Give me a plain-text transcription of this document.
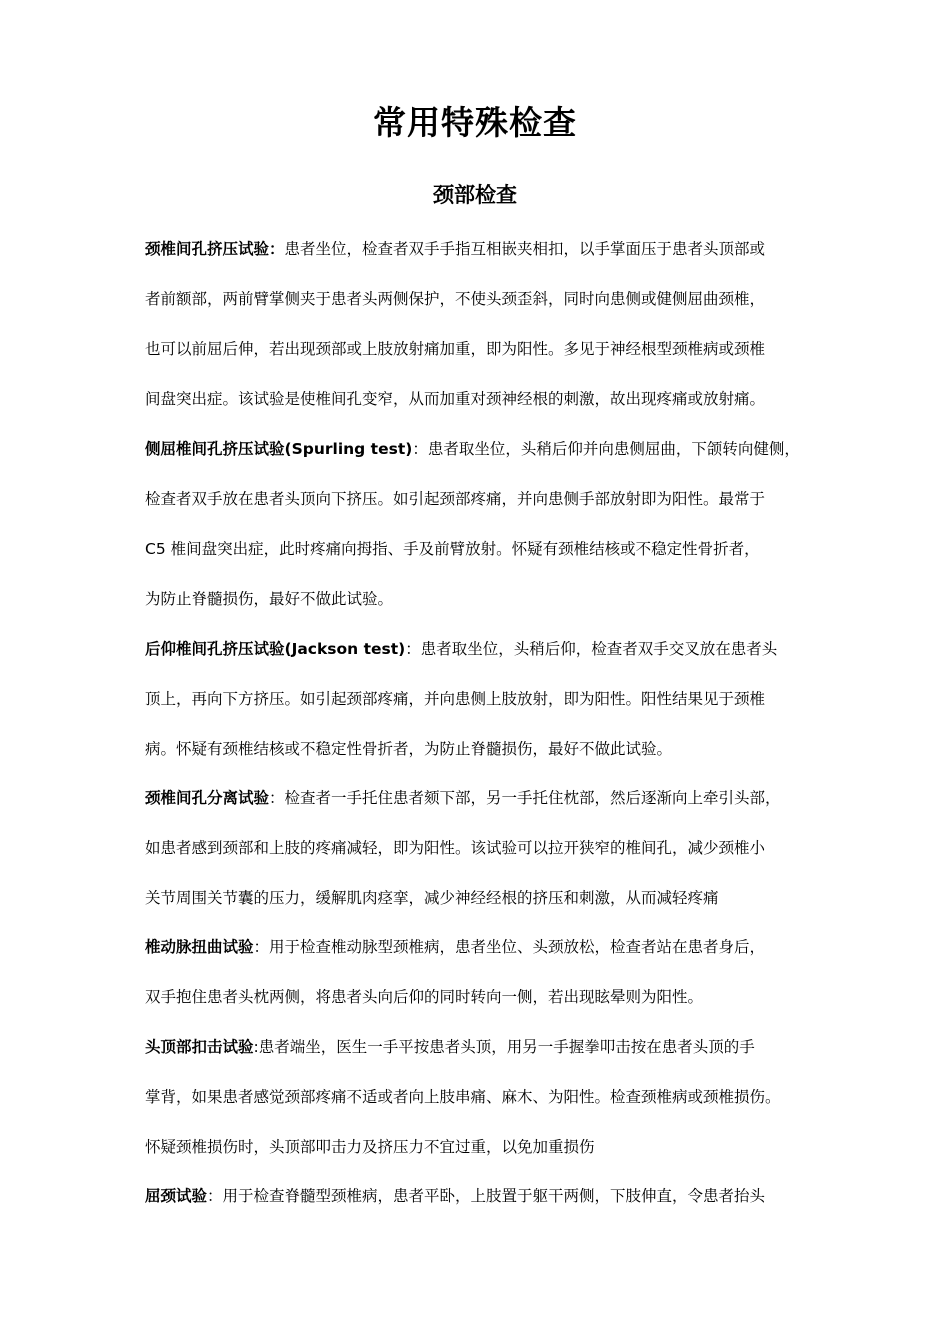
常用特殊检查
颈部检查
颈椎间孔挤压试验：患者坐位，检查者双手手指互相嵌夹相扣，以手掌面压于患者头顶部或
者前额部，两前臂掌侧夹于患者头两侧保护，不使头颈歪斜，同时向患侧或健侧屈曲颈椎，
也可以前屈后伸，若出现颈部或上肢放射痛加重，即为阳性。多见于神经根型颈椎病或颈椎
间盘突出症。该试验是使椎间孔变窄，从而加重对颈神经根的刺激，故出现疼痛或放射痛。
侧屈椎间孔挤压试验(Spurling test)：患者取坐位，头稍后仰并向患侧屈曲，下颌转向健侧，
检查者双手放在患者头顶向下挤压。如引起颈部疼痛，并向患侧手部放射即为阳性。最常于
C5 椎间盘突出症，此时疼痛向拇指、手及前臂放射。怀疑有颈椎结核或不稳定性骨折者，
为防止脊髓损伤，最好不做此试验。
后仰椎间孔挤压试验(Jackson test)：患者取坐位，头稍后仰，检查者双手交叉放在患者头
顶上，再向下方挤压。如引起颈部疼痛，并向患侧上肢放射，即为阳性。阳性结果见于颈椎
病。怀疑有颈椎结核或不稳定性骨折者，为防止脊髓损伤，最好不做此试验。
颈椎间孔分离试验：检查者一手托住患者颏下部，另一手托住枕部，然后逐渐向上牵引头部，
如患者感到颈部和上肢的疼痛减轻，即为阳性。该试验可以拉开狭窄的椎间孔，减少颈椎小
关节周围关节囊的压力，缓解肌肉痉挛，减少神经经根的挤压和刺激，从而减轻疼痛
椎动脉扭曲试验：用于检查椎动脉型颈椎病，患者坐位、头颈放松，检查者站在患者身后，
双手抱住患者头枕两侧，将患者头向后仰的同时转向一侧，若出现眩晕则为阳性。
头顶部扣击试验:患者端坐，医生一手平按患者头顶，用另一手握拳叩击按在患者头顶的手
掌背，如果患者感觉颈部疼痛不适或者向上肢串痛、麻木、为阳性。检查颈椎病或颈椎损伤。
怀疑颈椎损伤时，头顶部叩击力及挤压力不宜过重，以免加重损伤
屈颈试验：用于检查脊髓型颈椎病，患者平卧，上肢置于躯干两侧，下肢伸直，令患者抬头
